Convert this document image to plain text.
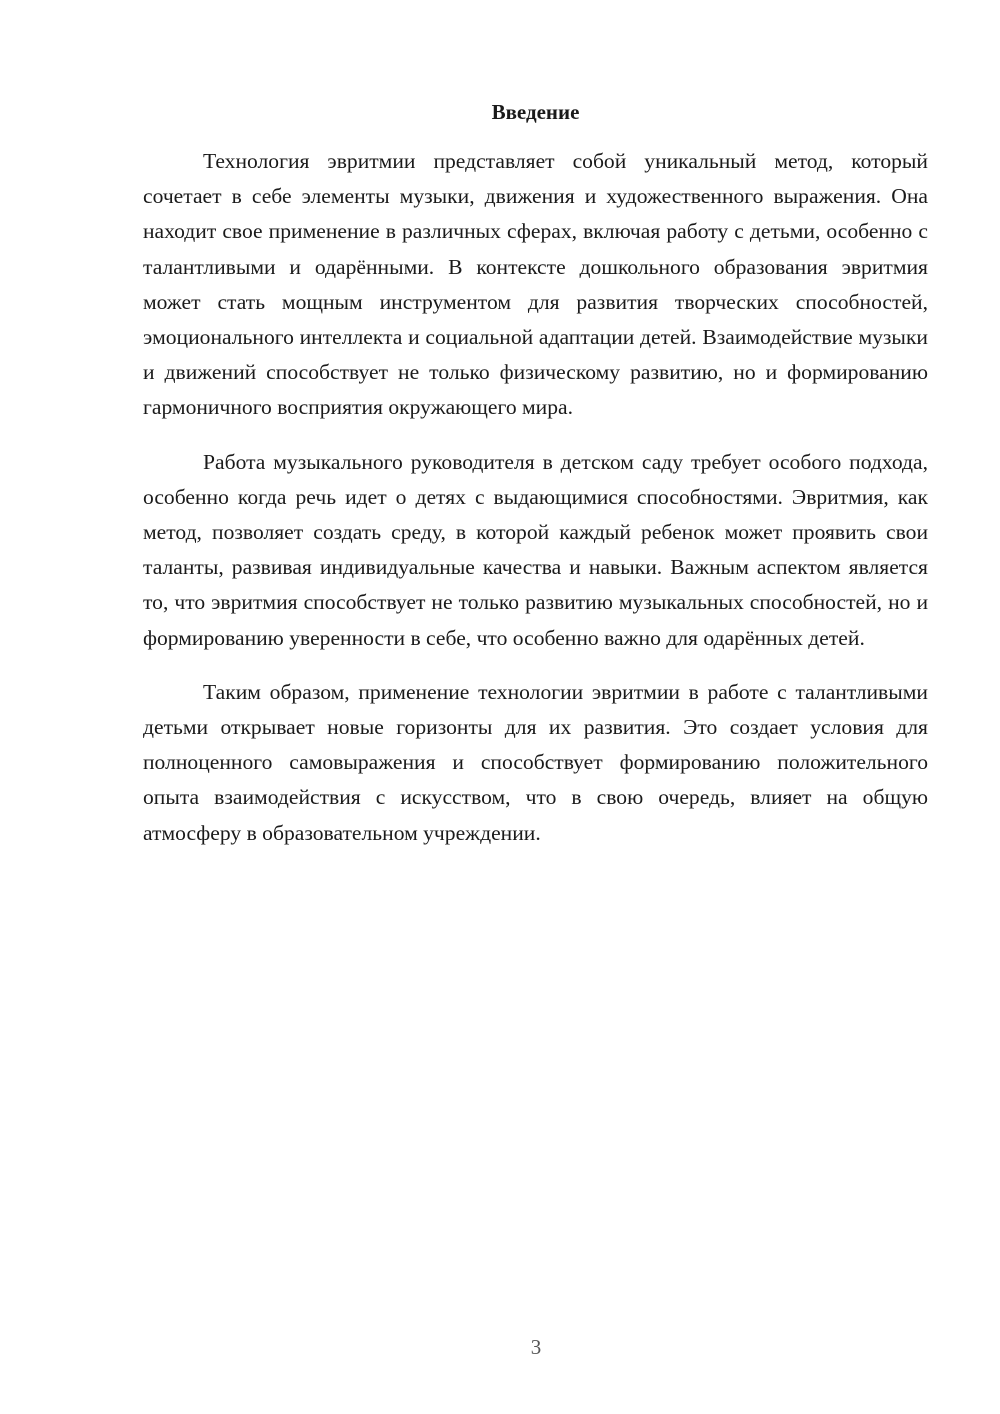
Введение

Технология эвритмии представляет собой уникальный метод, который сочетает в себе элементы музыки, движения и художественного выражения. Она находит свое применение в различных сферах, включая работу с детьми, особенно с талантливыми и одарёнными. В контексте дошкольного образования эвритмия может стать мощным инструментом для развития творческих способностей, эмоционального интеллекта и социальной адаптации детей. Взаимодействие музыки и движений способствует не только физическому развитию, но и формированию гармоничного восприятия окружающего мира.

Работа музыкального руководителя в детском саду требует особого подхода, особенно когда речь идет о детях с выдающимися способностями. Эвритмия, как метод, позволяет создать среду, в которой каждый ребенок может проявить свои таланты, развивая индивидуальные качества и навыки. Важным аспектом является то, что эвритмия способствует не только развитию музыкальных способностей, но и формированию уверенности в себе, что особенно важно для одарённых детей.

Таким образом, применение технологии эвритмии в работе с талантливыми детьми открывает новые горизонты для их развития. Это создает условия для полноценного самовыражения и способствует формированию положительного опыта взаимодействия с искусством, что в свою очередь, влияет на общую атмосферу в образовательном учреждении.

3
